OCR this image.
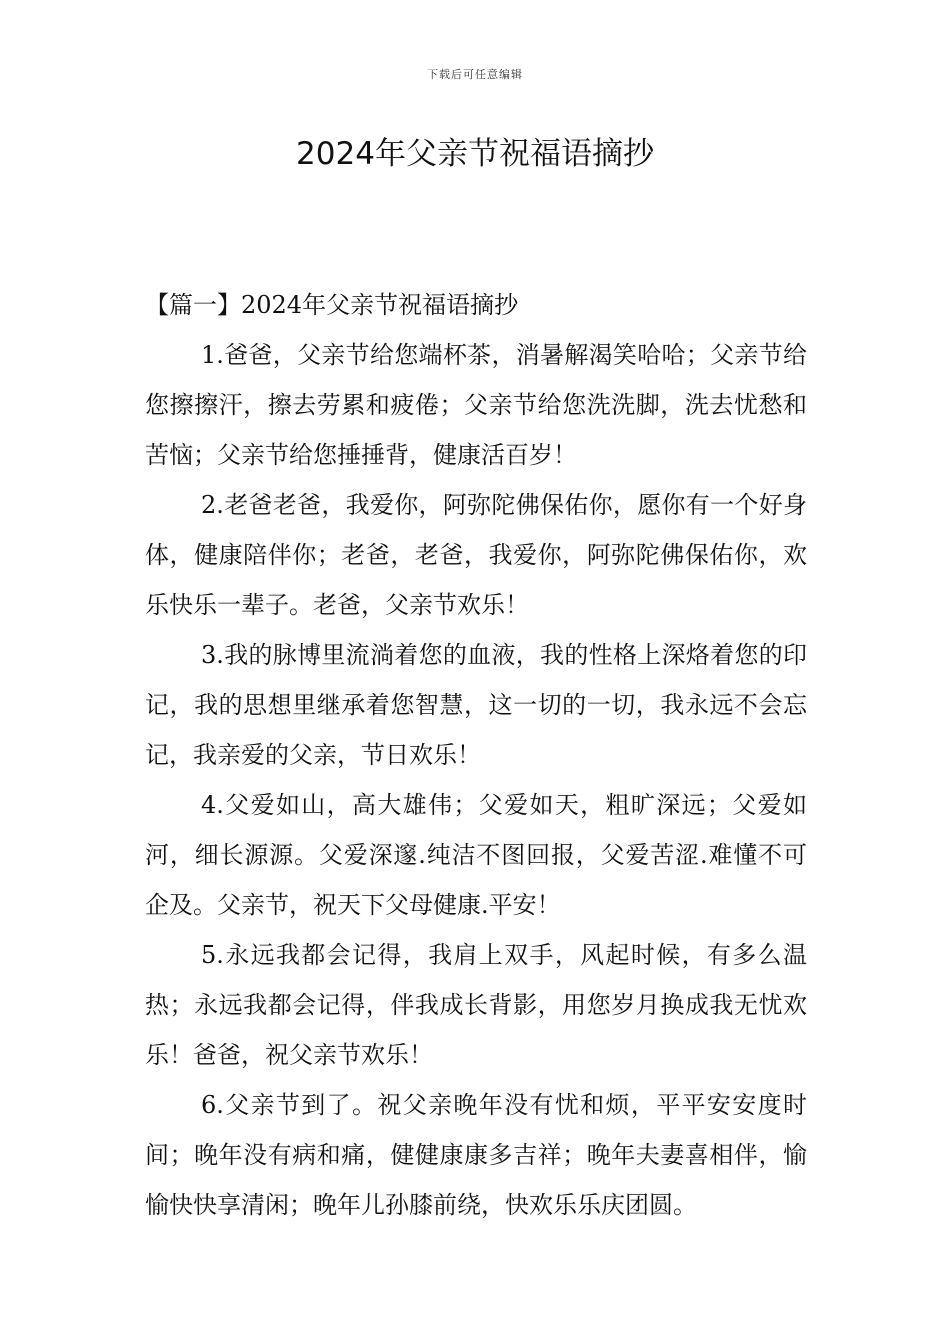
下载后可任意编辑
2024年父亲节祝福语摘抄

【篇一】2024年父亲节祝福语摘抄

1.爸爸，父亲节给您端杯茶，消暑解渴笑哈哈；父亲节给您擦擦汗，擦去劳累和疲倦；父亲节给您洗洗脚，洗去忧愁和苦恼；父亲节给您捶捶背，健康活百岁！

2.老爸老爸，我爱你，阿弥陀佛保佑你，愿你有一个好身体，健康陪伴你；老爸，老爸，我爱你，阿弥陀佛保佑你，欢乐快乐一辈子。老爸，父亲节欢乐！

3.我的脉博里流淌着您的血液，我的性格上深烙着您的印记，我的思想里继承着您智慧，这一切的一切，我永远不会忘记，我亲爱的父亲，节日欢乐！

4.父爱如山，高大雄伟；父爱如天，粗旷深远；父爱如河，细长源源。父爱深邃.纯洁不图回报，父爱苦涩.难懂不可企及。父亲节，祝天下父母健康.平安！

5.永远我都会记得，我肩上双手，风起时候，有多么温热；永远我都会记得，伴我成长背影，用您岁月换成我无忧欢乐！爸爸，祝父亲节欢乐！

6.父亲节到了。祝父亲晚年没有忧和烦，平平安安度时间；晚年没有病和痛，健健康康多吉祥；晚年夫妻喜相伴，愉愉快快享清闲；晚年儿孙膝前绕，快欢乐乐庆团圆。
